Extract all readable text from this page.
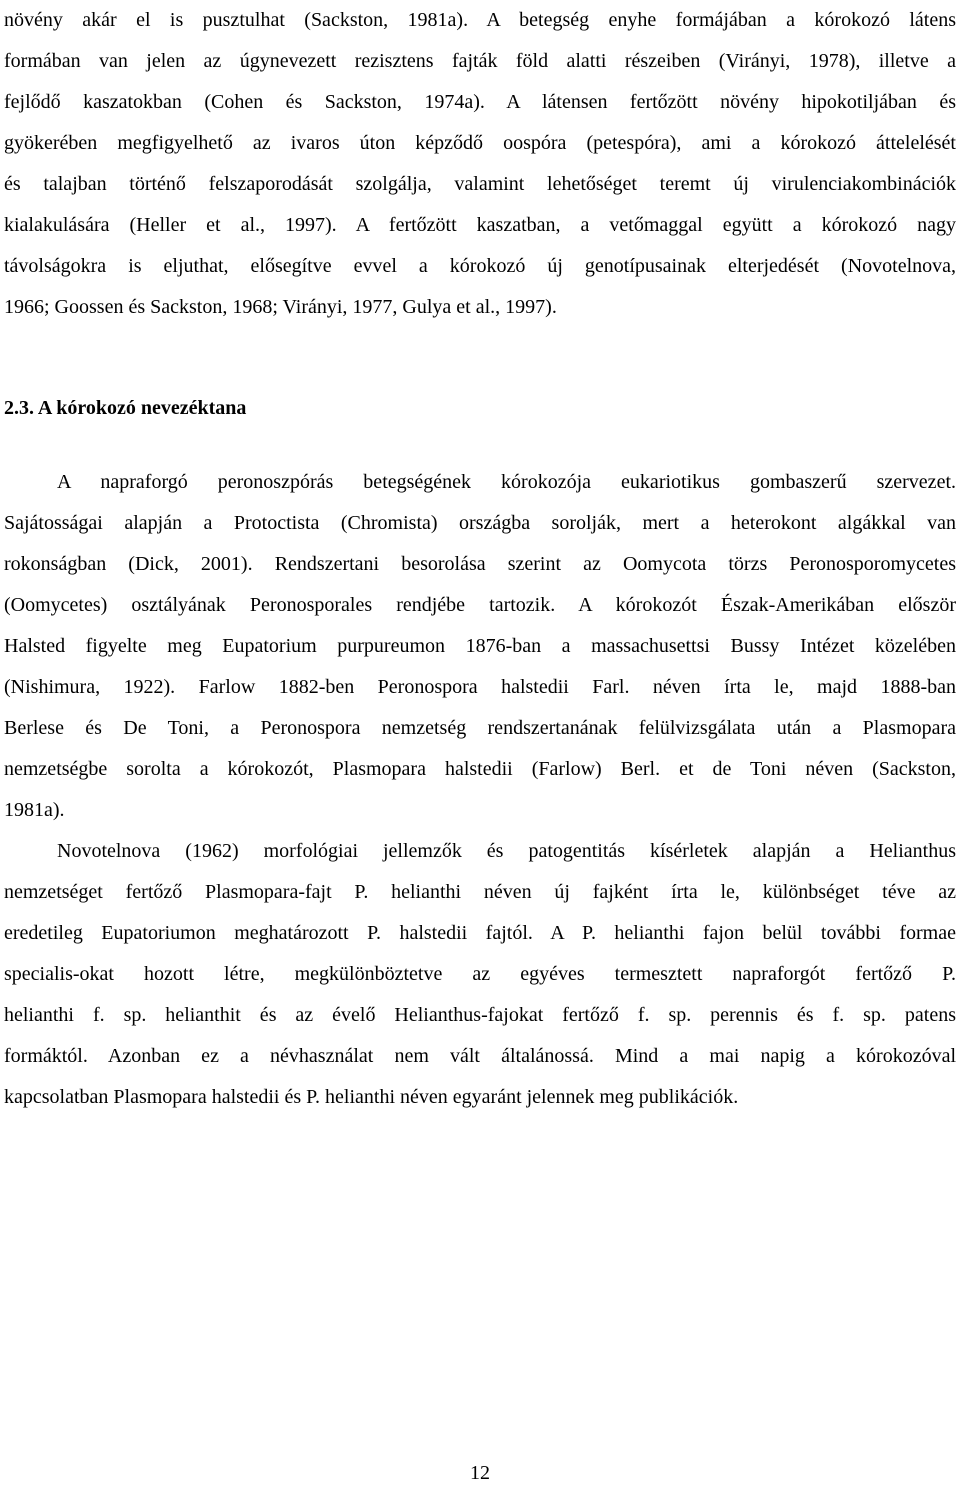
növény akár el is pusztulhat (Sackston, 1981a). A betegség enyhe formájában a kórokozó látens
formában van jelen az úgynevezett rezisztens fajták föld alatti részeiben (Virányi, 1978), illetve a
fejlődő kaszatokban (Cohen és Sackston, 1974a). A látensen fertőzött növény hipokotiljában és
gyökerében megfigyelhető az ivaros úton képződő oospóra (petespóra), ami a kórokozó áttelelését
és talajban történő felszaporodását szolgálja, valamint lehetőséget teremt új virulenciakombinációk
kialakulására (Heller et al., 1997). A fertőzött kaszatban, a vetőmaggal együtt a kórokozó nagy
távolságokra is eljuthat, elősegítve evvel a kórokozó új genotípusainak elterjedését (Novotelnova,
1966; Goossen és Sackston, 1968; Virányi, 1977, Gulya et al., 1997).
2.3. A kórokozó nevezéktana
A napraforgó peronoszpórás betegségének kórokozója eukariotikus gombaszerű szervezet.
Sajátosságai alapján a Protoctista (Chromista) országba sorolják, mert a heterokont algákkal van
rokonságban (Dick, 2001). Rendszertani besorolása szerint az Oomycota törzs Peronosporomycetes
(Oomycetes) osztályának Peronosporales rendjébe tartozik. A kórokozót Észak-Amerikában először
Halsted figyelte meg Eupatorium purpureumon 1876-ban a massachusettsi Bussy Intézet közelében
(Nishimura, 1922). Farlow 1882-ben Peronospora halstedii Farl. néven írta le, majd 1888-ban
Berlese és De Toni, a Peronospora nemzetség rendszertanának felülvizsgálata után a Plasmopara
nemzetségbe sorolta a kórokozót, Plasmopara halstedii (Farlow) Berl. et de Toni néven (Sackston,
1981a).
Novotelnova (1962) morfológiai jellemzők és patogentitás kísérletek alapján a Helianthus
nemzetséget fertőző Plasmopara-fajt P. helianthi néven új fajként írta le, különbséget téve az
eredetileg Eupatoriumon meghatározott P. halstedii fajtól. A P. helianthi fajon belül további formae
specialis-okat hozott létre, megkülönböztetve az egyéves termesztett napraforgót fertőző P.
helianthi f. sp. helianthit és az évelő Helianthus-fajokat fertőző f. sp. perennis és f. sp. patens
formáktól. Azonban ez a névhasználat nem vált általánossá. Mind a mai napig a kórokozóval
kapcsolatban Plasmopara halstedii és P. helianthi néven egyaránt jelennek meg publikációk.
12
